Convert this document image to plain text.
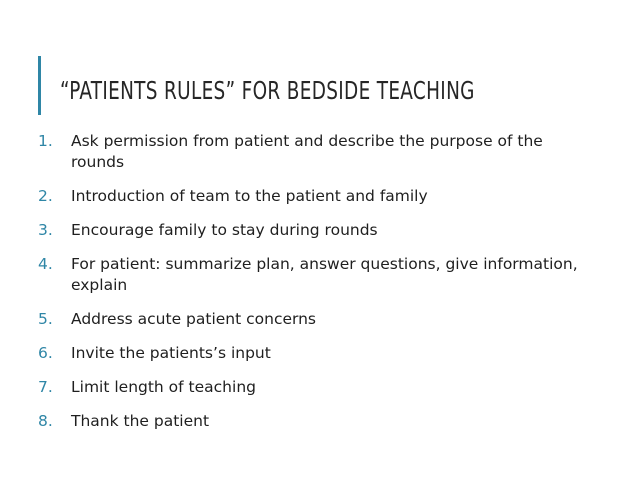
“PATIENTS RULES” FOR BEDSIDE TEACHING
1.	Ask permission from patient and describe the purpose of the rounds
2.	Introduction of team to the patient and family
3.	Encourage family to stay during rounds
4.	For patient: summarize plan, answer questions, give information, explain
5.	Address acute patient concerns
6.	Invite the patients’s input
7.	Limit length of teaching
8.	Thank the patient
